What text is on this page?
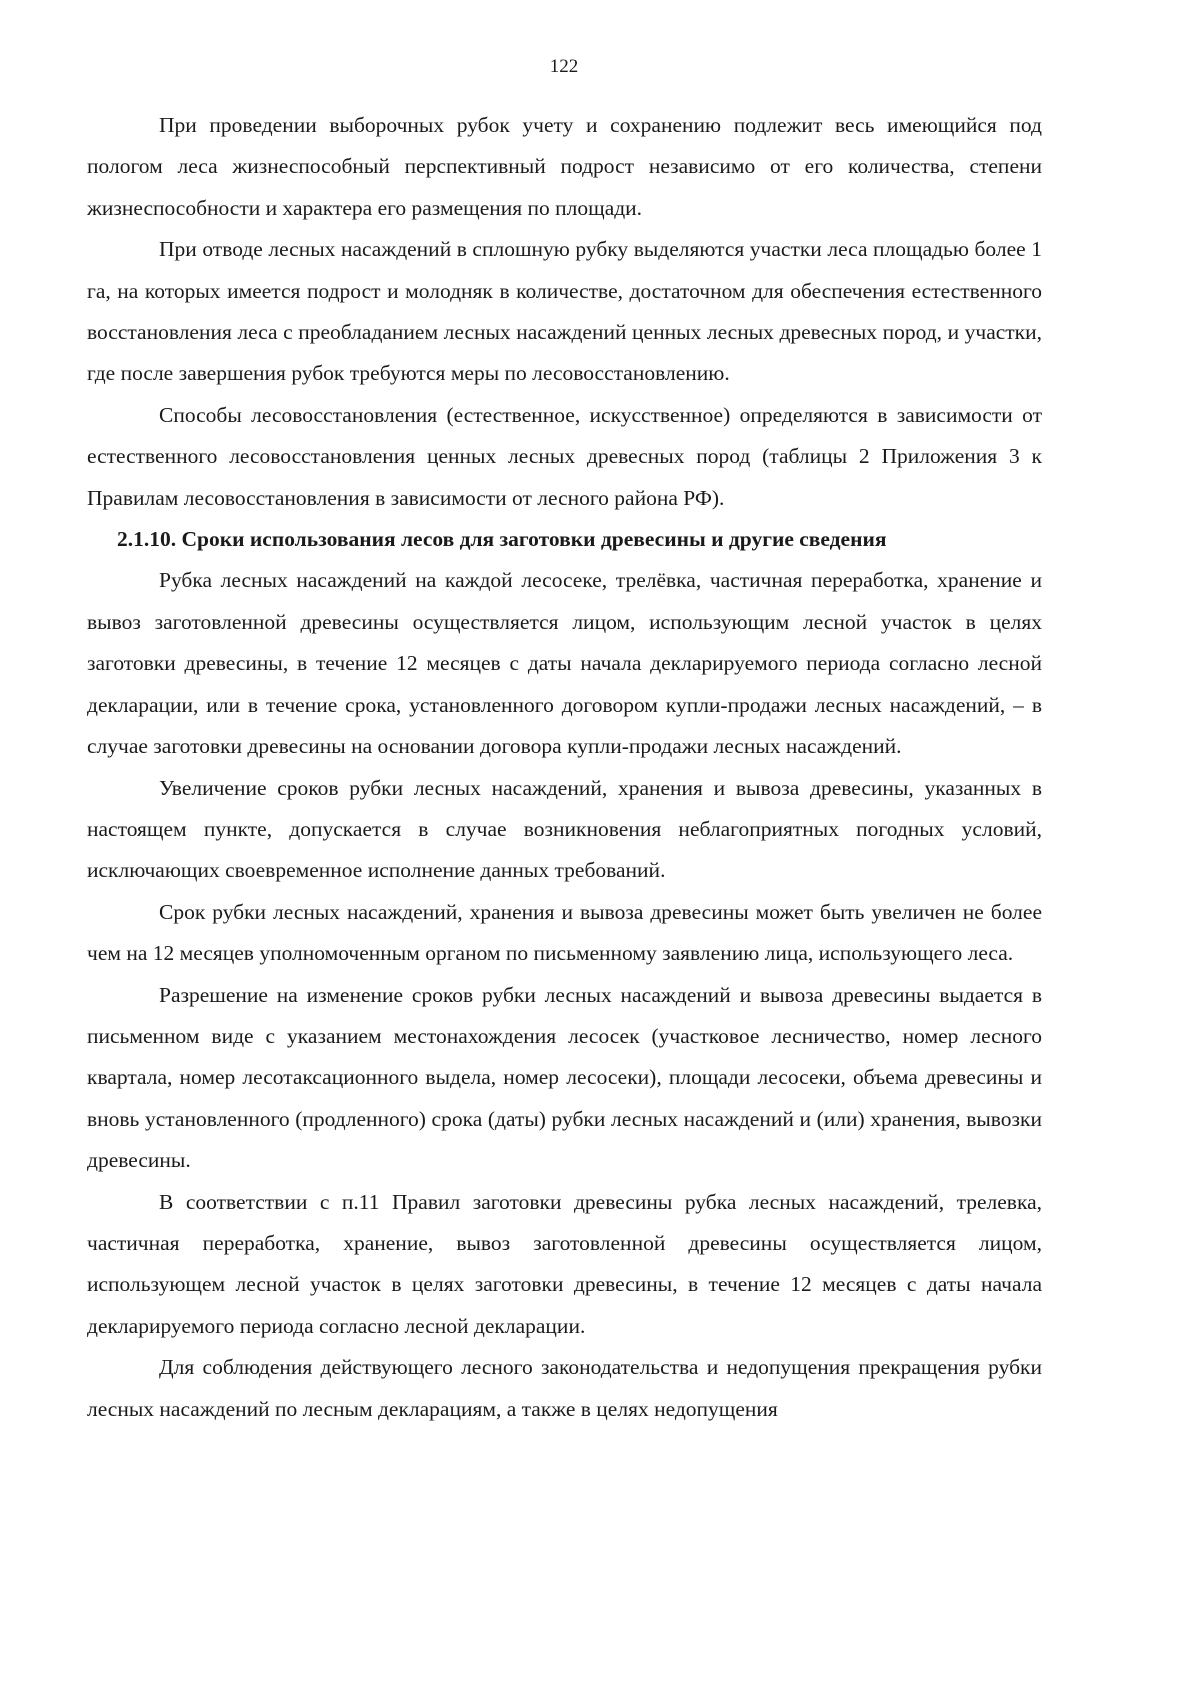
122

При проведении выборочных рубок учету и сохранению подлежит весь имеющийся под пологом леса жизнеспособный перспективный подрост независимо от его количества, степени жизнеспособности и характера его размещения по площади.

При отводе лесных насаждений в сплошную рубку выделяются участки леса площадью более 1 га, на которых имеется подрост и молодняк в количестве, достаточном для обеспечения естественного восстановления леса с преобладанием лесных насаждений ценных лесных древесных пород, и участки, где после завершения рубок требуются меры по лесовосстановлению.

Способы лесовосстановления (естественное, искусственное) определяются в зависимости от естественного лесовосстановления ценных лесных древесных пород (таблицы 2 Приложения 3 к Правилам лесовосстановления в зависимости от лесного района РФ).

2.1.10. Сроки использования лесов для заготовки древесины и другие сведения

Рубка лесных насаждений на каждой лесосеке, трелёвка, частичная переработка, хранение и вывоз заготовленной древесины осуществляется лицом, использующим лесной участок в целях заготовки древесины, в течение 12 месяцев с даты начала декларируемого периода согласно лесной декларации, или в течение срока, установленного договором купли-продажи лесных насаждений, – в случае заготовки древесины на основании договора купли-продажи лесных насаждений.

Увеличение сроков рубки лесных насаждений, хранения и вывоза древесины, указанных в настоящем пункте, допускается в случае возникновения неблагоприятных погодных условий, исключающих своевременное исполнение данных требований.

Срок рубки лесных насаждений, хранения и вывоза древесины может быть увеличен не более чем на 12 месяцев уполномоченным органом по письменному заявлению лица, использующего леса.

Разрешение на изменение сроков рубки лесных насаждений и вывоза древесины выдается в письменном виде с указанием местонахождения лесосек (участковое лесничество, номер лесного квартала, номер лесотаксационного выдела, номер лесосеки), площади лесосеки, объема древесины и вновь установленного (продленного) срока (даты) рубки лесных насаждений и (или) хранения, вывозки древесины.

В соответствии с п.11 Правил заготовки древесины рубка лесных насаждений, трелевка, частичная переработка, хранение, вывоз заготовленной древесины осуществляется лицом, использующем лесной участок в целях заготовки древесины, в течение 12 месяцев с даты начала декларируемого периода согласно лесной декларации.

Для соблюдения действующего лесного законодательства и недопущения прекращения рубки лесных насаждений по лесным декларациям, а также в целях недопущения
